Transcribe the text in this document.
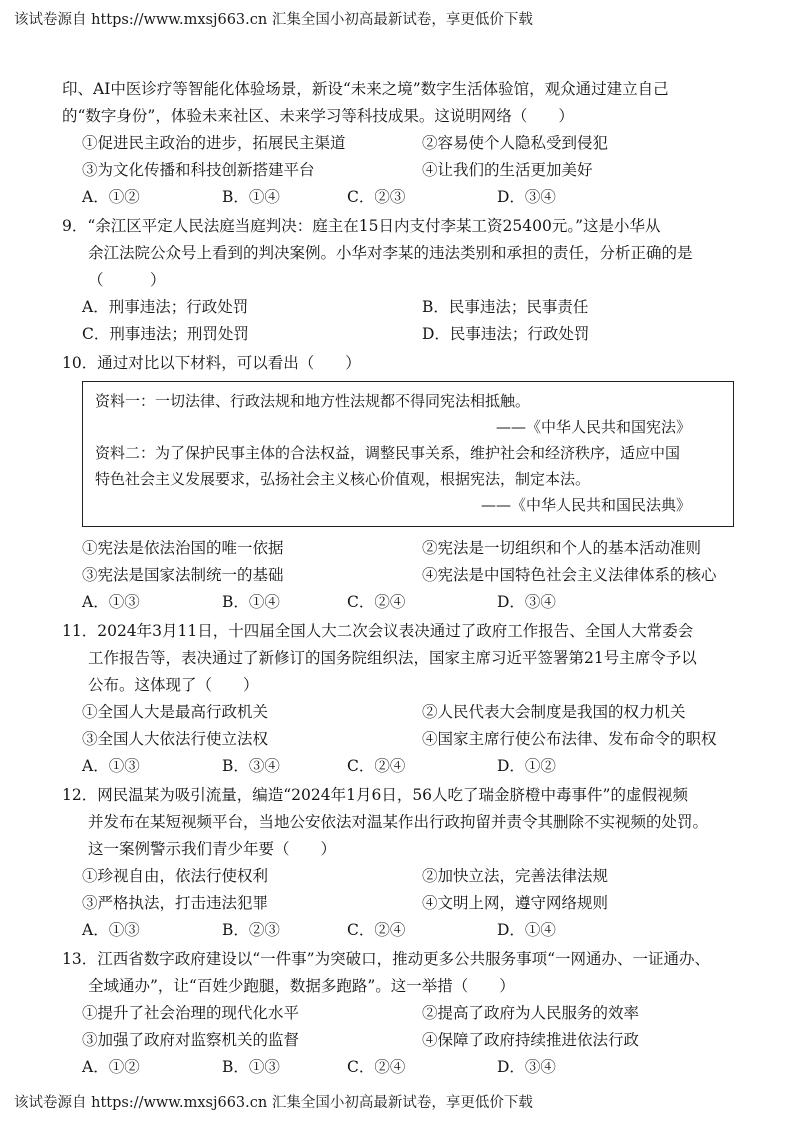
该试卷源自 https://www.mxsj663.cn 汇集全国小初高最新试卷，享更低价下载
印、AI中医诊疗等智能化体验场景，新设“未来之境”数字生活体验馆，观众通过建立自己
的“数字身份”，体验未来社区、未来学习等科技成果。这说明网络（　　）
①促进民主政治的进步，拓展民主渠道	②容易使个人隐私受到侵犯
③为文化传播和科技创新搭建平台	④让我们的生活更加美好
A．①②	B．①④	C．②③	D．③④
9．“余江区平定人民法庭当庭判决：庭主在15日内支付李某工资25400元。”这是小华从
余江法院公众号上看到的判决案例。小华对李某的违法类别和承担的责任，分析正确的是
（　　　）
A．刑事违法；行政处罚	B．民事违法；民事责任
C．刑事违法；刑罚处罚	D．民事违法；行政处罚
10．通过对比以下材料，可以看出（　　）
资料一：一切法律、行政法规和地方性法规都不得同宪法相抵触。
——《中华人民共和国宪法》
资料二：为了保护民事主体的合法权益，调整民事关系，维护社会和经济秩序，适应中国
特色社会主义发展要求，弘扬社会主义核心价值观，根据宪法，制定本法。
——《中华人民共和国民法典》
①宪法是依法治国的唯一依据	②宪法是一切组织和个人的基本活动准则
③宪法是国家法制统一的基础	④宪法是中国特色社会主义法律体系的核心
A．①③	B．①④	C．②④	D．③④
11．2024年3月11日，十四届全国人大二次会议表决通过了政府工作报告、全国人大常委会
工作报告等，表决通过了新修订的国务院组织法，国家主席习近平签署第21号主席令予以
公布。这体现了（　　）
①全国人大是最高行政机关	②人民代表大会制度是我国的权力机关
③全国人大依法行使立法权	④国家主席行使公布法律、发布命令的职权
A．①③	B．③④	C．②④	D．①②
12．网民温某为吸引流量，编造“2024年1月6日，56人吃了瑞金脐橙中毒事件”的虚假视频
并发布在某短视频平台，当地公安依法对温某作出行政拘留并责令其删除不实视频的处罚。
这一案例警示我们青少年要（　　）
①珍视自由，依法行使权利	②加快立法，完善法律法规
③严格执法，打击违法犯罪	④文明上网，遵守网络规则
A．①③	B．②③	C．②④	D．①④
13．江西省数字政府建设以“一件事”为突破口，推动更多公共服务事项“一网通办、一证通办、
全域通办”，让“百姓少跑腿，数据多跑路”。这一举措（　　）
①提升了社会治理的现代化水平	②提高了政府为人民服务的效率
③加强了政府对监察机关的监督	④保障了政府持续推进依法行政
A．①②	B．①③	C．②④	D．③④
该试卷源自 https://www.mxsj663.cn 汇集全国小初高最新试卷，享更低价下载
